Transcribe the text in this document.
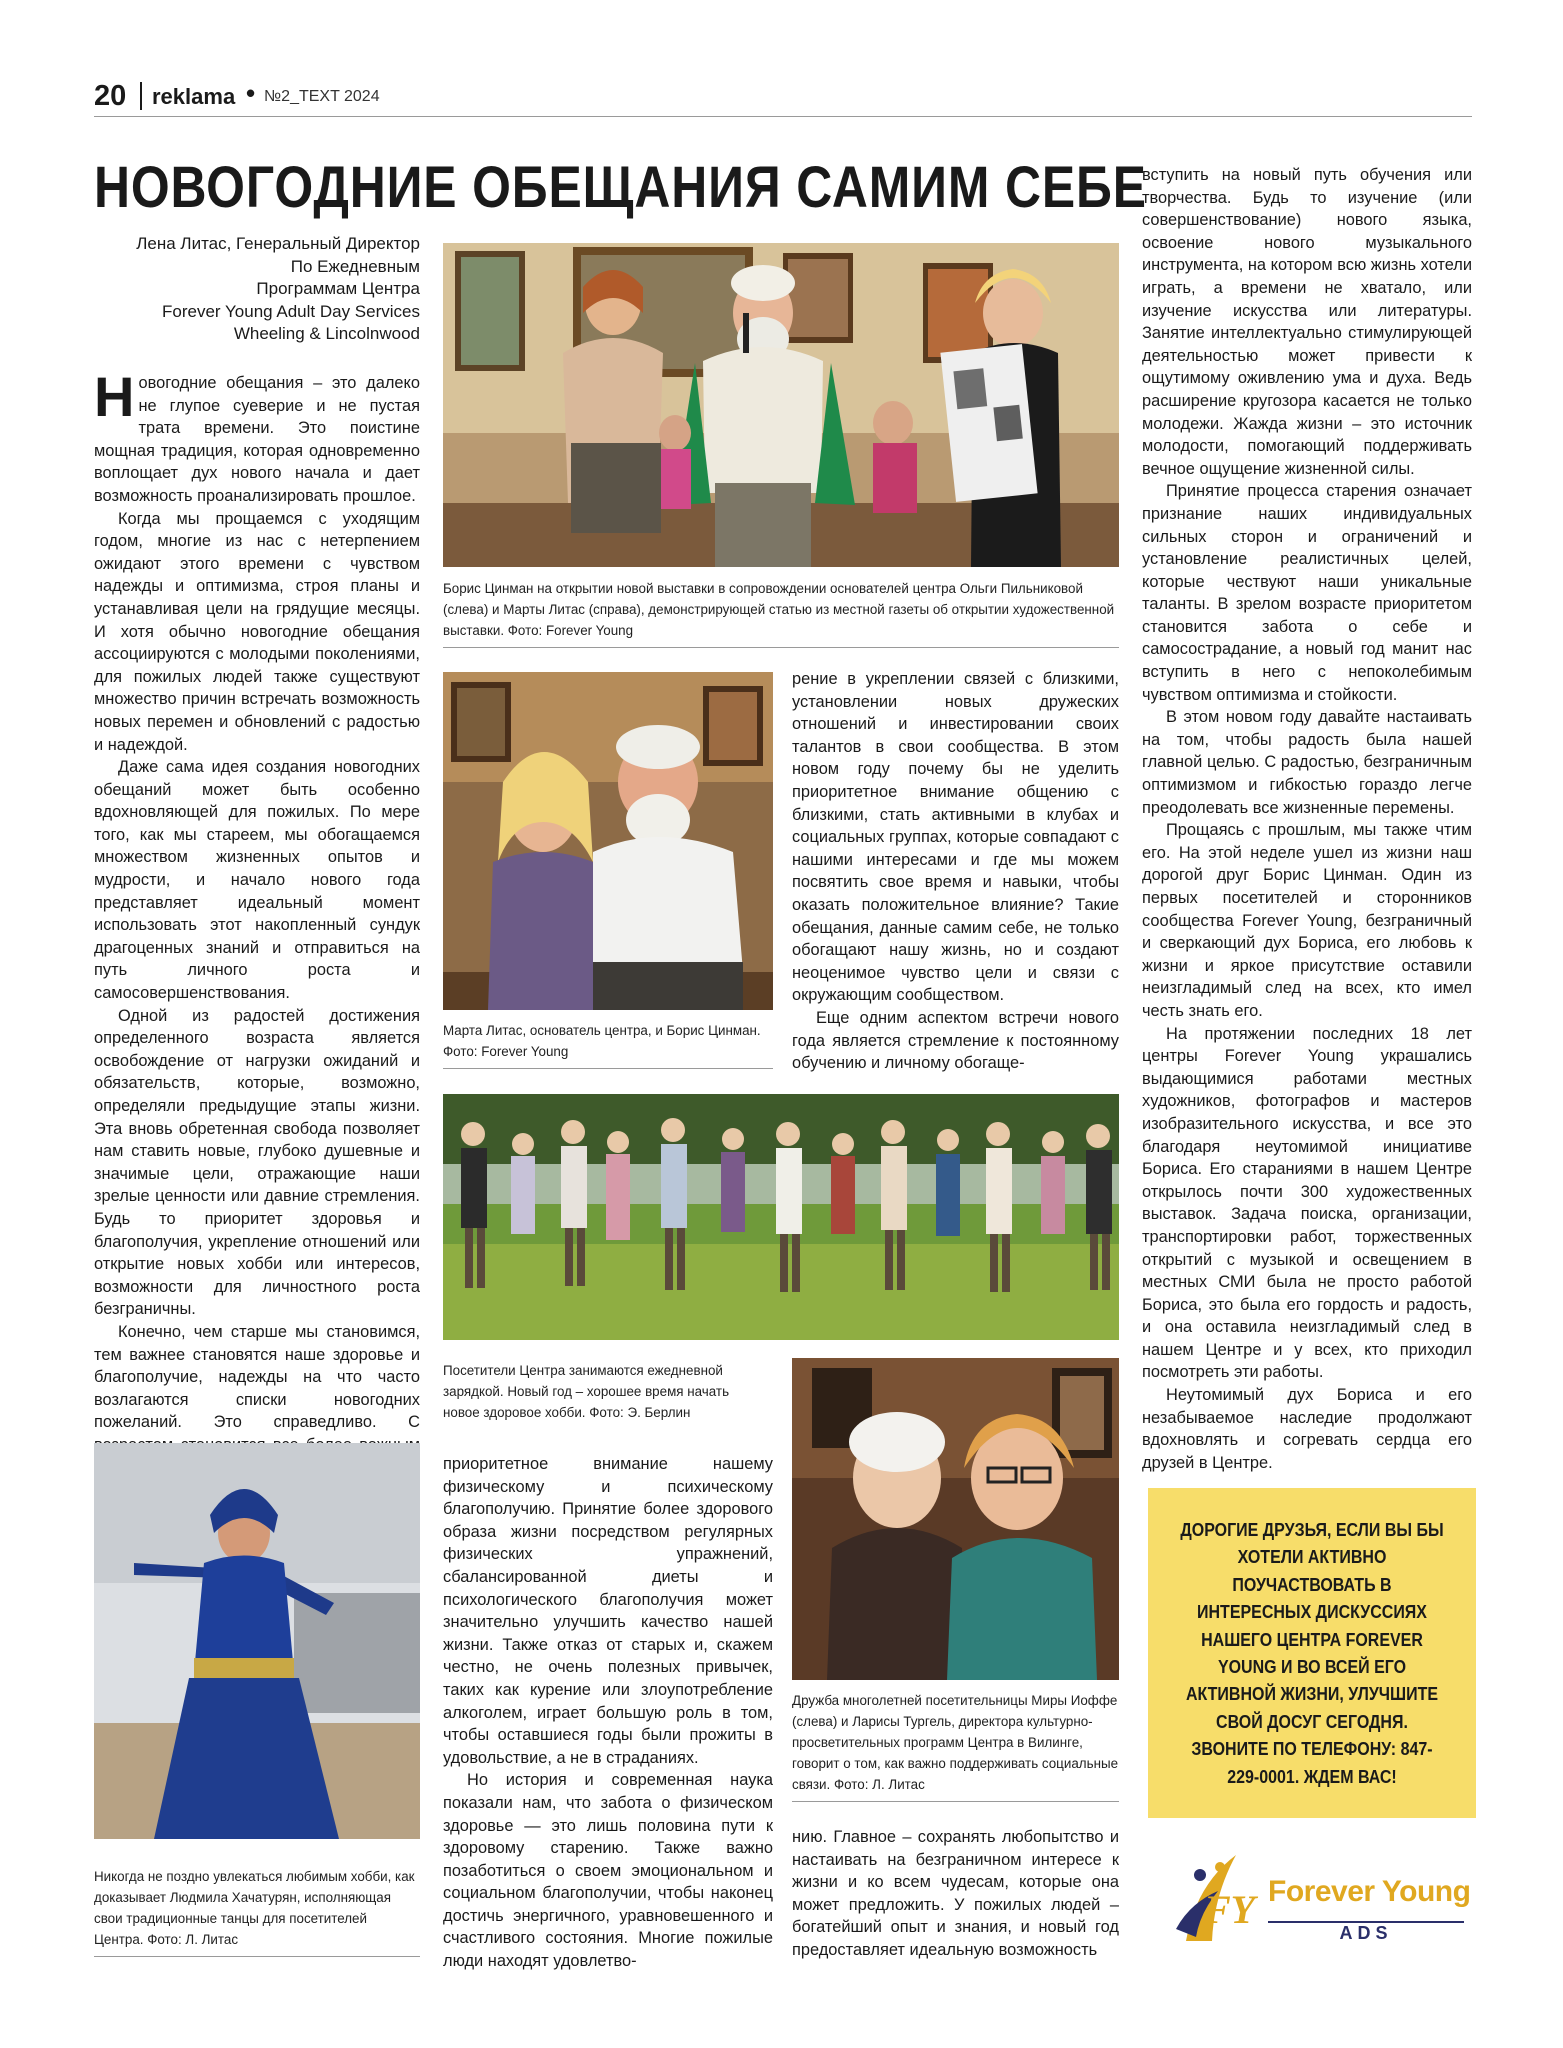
20 reklama • №2_TEXT 2024
НОВОГОДНИЕ ОБЕЩАНИЯ САМИМ СЕБЕ
Лена Литас, Генеральный Директор
По Ежедневным
Программам Центра
Forever Young Adult Day Services
Wheeling & Lincolnwood

Новогодние обещания – это далеко не глупое суеверие и не пустая трата времени. Это поистине мощная традиция, которая одновременно воплощает дух нового начала и дает возможность проанализировать прошлое.

Когда мы прощаемся с уходящим годом, многие из нас с нетерпением ожидают этого времени с чувством надежды и оптимизма, строя планы и устанавливая цели на грядущие месяцы. И хотя обычно новогодние обещания ассоциируются с молодыми поколениями, для пожилых людей также существуют множество причин встречать возможность новых перемен и обновлений с радостью и надеждой.

Даже сама идея создания новогодних обещаний может быть особенно вдохновляющей для пожилых. По мере того, как мы стареем, мы обогащаемся множеством жизненных опытов и мудрости, и начало нового года представляет идеальный момент использовать этот накопленный сундук драгоценных знаний и отправиться на путь личного роста и самосовершенствования.

Одной из радостей достижения определенного возраста является освобождение от нагрузки ожиданий и обязательств, которые, возможно, определяли предыдущие этапы жизни. Эта вновь обретенная свобода позволяет нам ставить новые, глубоко душевные и значимые цели, отражающие наши зрелые ценности или давние стремления. Будь то приоритет здоровья и благополучия, укрепление отношений или открытие новых хобби или интересов, возможности для личностного роста безграничны.

Конечно, чем старше мы становимся, тем важнее становятся наше здоровье и благополучие, надежды на что часто возлагаются списки новогодних пожеланий. Это справедливо. С

Борис Цинман на открытии новой выставки в сопровождении основателей центра Ольги Пильниковой (слева) и Марты Литас (справа), демонстрирующей статью из местной газеты об открытии художественной выставки. Фото: Forever Young
Марта Литас, основатель центра, и Борис Цинман. Фото: Forever Young

рение в укреплении связей с близкими, установлении новых дружеских отношений и инвестировании своих талантов в свои сообщества. В этом новом году почему бы не уделить приоритетное внимание общению с близкими, стать активными в клубах и социальных группах, которые совпадают с нашими интересами и где мы можем посвятить свое время и навыки, чтобы оказать положительное влияние? Такие обещания, данные самим себе, не только обогащают нашу жизнь, но и создают неоценимое чувство цели и связи с окружающим сообществом.

Еще одним аспектом встречи нового года является стремление к постоянному обучению и личному обогаще-

Посетители Центра занимаются ежедневной зарядкой. Новый год – хорошее время начать новое здоровое хобби. Фото: Э. Берлин
Дружба многолетней посетительницы Миры Иоффе (слева) и Ларисы Тургель, директора культурно-просветительных программ Центра в Вилинге, говорит о том, как важно поддерживать социальные связи. Фото: Л. Литас
Никогда не поздно увлекаться любимым хобби, как доказывает Людмила Хачатурян, исполняющая свои традиционные танцы для посетителей Центра. Фото: Л. Литас

приоритетное внимание нашему физическому и психическому благополучию. Принятие более здорового образа жизни посредством регулярных физических упражнений, сбалансированной диеты и психологического благополучия может значительно улучшить качество нашей жизни. Также отказ от старых и, скажем честно, не очень полезных привычек, таких как курение или злоупотребление алкоголем, играет большую роль в том, чтобы оставшиеся годы были прожиты в удовольствие, а не в страданиях.

Но история и современная наука показали нам, что забота о физическом здоровье — это лишь половина пути к здоровому старению. Также важно позаботиться о своем эмоциональном и социальном благополучии, чтобы наконец достичь энергичного, уравновешенного и счастливого состояния. Многие пожилые люди находят удовлетво-

нию. Главное – сохранять любопытство и настаивать на безграничном интересе к жизни и ко всем чудесам, которые она может предложить. У пожилых людей – богатейший опыт и знания, и новый год предоставляет идеальную возможность

вступить на новый путь обучения или творчества. Будь то изучение (или совершенствование) нового языка, освоение нового музыкального инструмента, на котором всю жизнь хотели играть, а времени не хватало, или изучение искусства или литературы. Занятие интеллектуально стимулирующей деятельностью может привести к ощутимому оживлению ума и духа. Ведь расширение кругозора касается не только молодежи. Жажда жизни – это источник молодости, помогающий поддерживать вечное ощущение жизненной силы.

Принятие процесса старения означает признание наших индивидуальных сильных сторон и ограничений и установление реалистичных целей, которые чествуют наши уникальные таланты. В зрелом возрасте приоритетом становится забота о себе и самосострадание, а новый год манит нас вступить в него с непоколебимым чувством оптимизма и стойкости.

В этом новом году давайте настаивать на том, чтобы радость была нашей главной целью. С радостью, безграничным оптимизмом и гибкостью гораздо легче преодолевать все жизненные перемены.

Прощаясь с прошлым, мы также чтим его. На этой неделе ушел из жизни наш дорогой друг Борис Цинман. Один из первых посетителей и сторонников сообщества Forever Young, безграничный и сверкающий дух Бориса, его любовь к жизни и яркое присутствие оставили неизгладимый след на всех, кто имел честь знать его.

На протяжении последних 18 лет центры Forever Young украшались выдающимися работами местных художников, фотографов и мастеров изобразительного искусства, и все это благодаря неутомимой инициативе Бориса. Его стараниями в нашем Центре открылось почти 300 художественных выставок. Задача поиска, организации, транспортировки работ, торжественных открытий с музыкой и освещением в местных СМИ была не просто работой Бориса, это была его гордость и радость, и она оставила неизгладимый след в нашем Центре и у всех, кто приходил посмотреть эти работы.

Неутомимый дух Бориса и его незабываемое наследие продолжают вдохновлять и согревать сердца его друзей в Центре.

ДОРОГИЕ ДРУЗЬЯ, ЕСЛИ ВЫ БЫ ХОТЕЛИ АКТИВНО ПОУЧАСТВОВАТЬ В ИНТЕРЕСНЫХ ДИСКУССИЯХ НАШЕГО ЦЕНТРА FOREVER YOUNG И ВО ВСЕЙ ЕГО АКТИВНОЙ ЖИЗНИ, УЛУЧШИТЕ СВОЙ ДОСУГ СЕГОДНЯ. ЗВОНИТЕ ПО ТЕЛЕФОНУ: 847-229-0001. ЖДЕМ ВАС!
FY Forever Young
ADS
